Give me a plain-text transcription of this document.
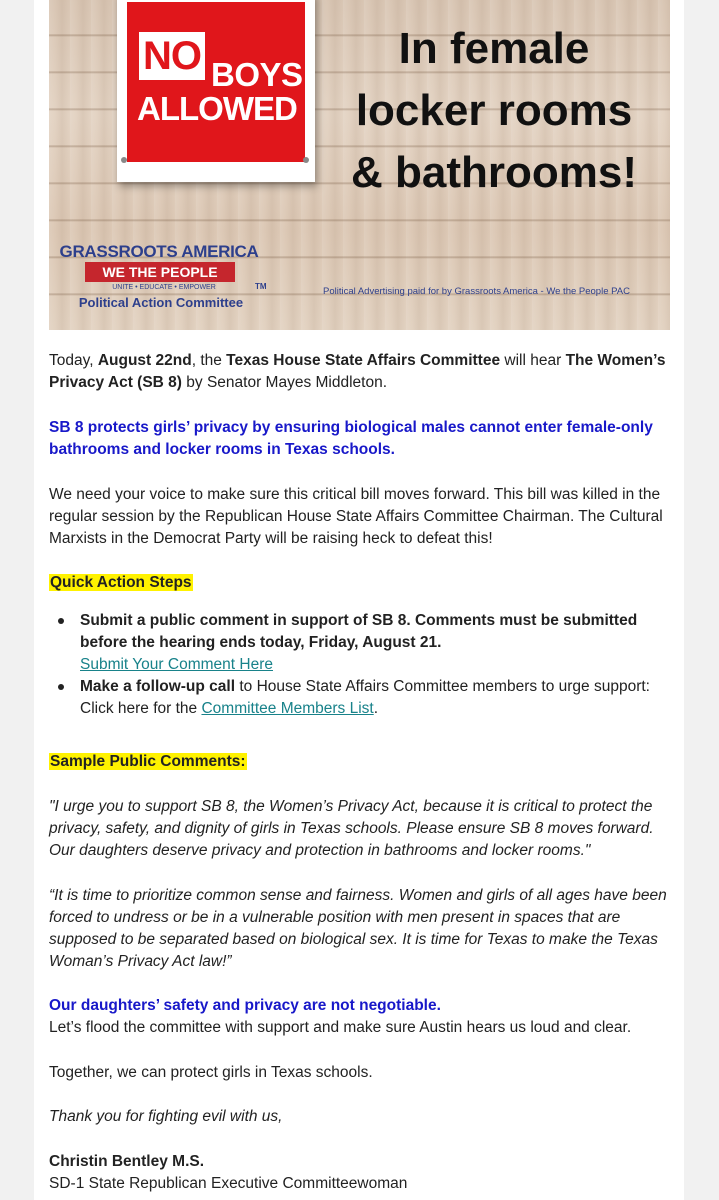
NO BOYS
ALLOWED
In female
locker rooms
& bathrooms!
GRASSROOTS AMERICA
WE THE PEOPLE
UNITE • EDUCATE • EMPOWER
Political Action Committee
TM	Political Advertising paid for by Grassroots America - We the People PAC
Today, August 22nd, the Texas House State Affairs Committee will hear The Women’s Privacy Act (SB 8) by Senator Mayes Middleton.
SB 8 protects girls’ privacy by ensuring biological males cannot enter female-only bathrooms and locker rooms in Texas schools.
We need your voice to make sure this critical bill moves forward. This bill was killed in the regular session by the Republican House State Affairs Committee Chairman. The Cultural Marxists in the Democrat Party will be raising heck to defeat this!
Quick Action Steps
Submit a public comment in support of SB 8. Comments must be submitted before the hearing ends today, Friday, August 21.
Submit Your Comment Here
Make a follow-up call to House State Affairs Committee members to urge support: Click here for the Committee Members List.
Sample Public Comments:
"I urge you to support SB 8, the Women’s Privacy Act, because it is critical to protect the privacy, safety, and dignity of girls in Texas schools. Please ensure SB 8 moves forward. Our daughters deserve privacy and protection in bathrooms and locker rooms."
“It is time to prioritize common sense and fairness. Women and girls of all ages have been forced to undress or be in a vulnerable position with men present in spaces that are supposed to be separated based on biological sex. It is time for Texas to make the Texas Woman’s Privacy Act law!”
Our daughters’ safety and privacy are not negotiable.
Let’s flood the committee with support and make sure Austin hears us loud and clear.
Together, we can protect girls in Texas schools.
Thank you for fighting evil with us,
Christin Bentley M.S.
SD-1 State Republican Executive Committeewoman
